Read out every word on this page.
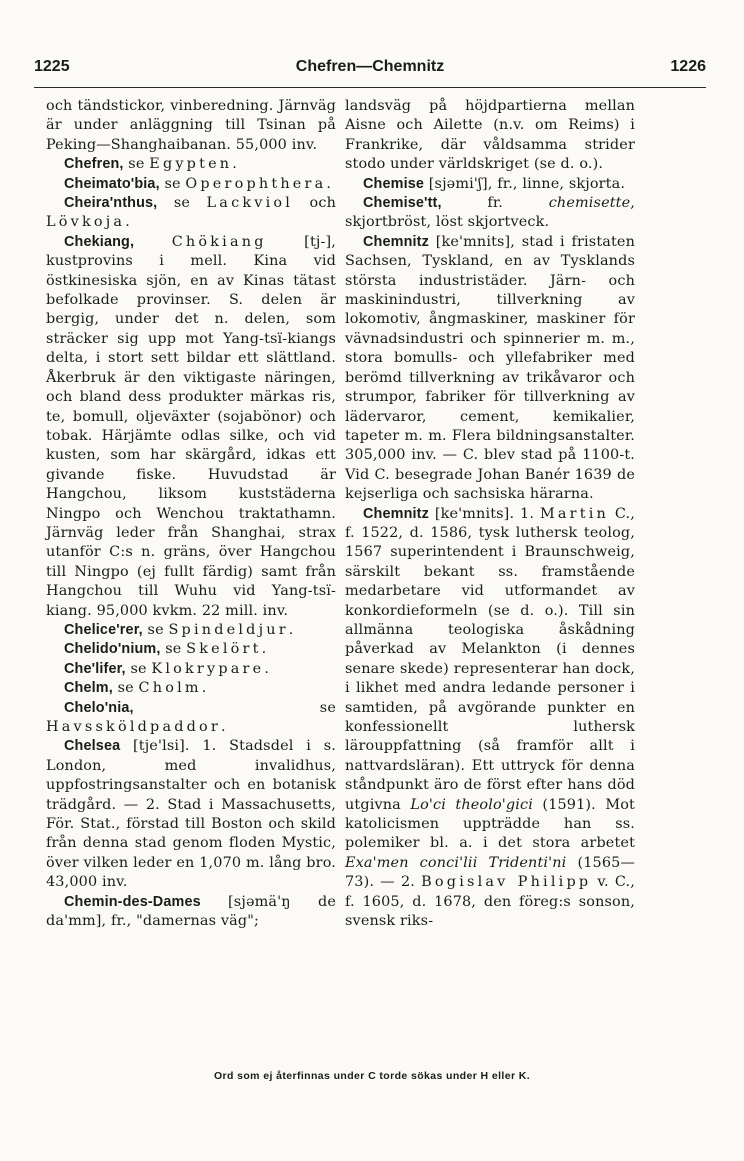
1225	Chefren—Chemnitz	1226

och tändstickor, vinberedning. Järnväg är under anläggning till Tsinan på Peking—Shanghaibanan. 55,000 inv.

Chefren, se Egypten.

Cheimato'bia, se Operophthera.

Cheira'nthus, se Lackviol och Lövkoja.

Chekiang,	Chökiang [tj-], kustprovins i mell. Kina vid östkinesiska sjön, en av Kinas tätast befolkade provinser. S. delen är bergig, under det n. delen, som sträcker sig upp mot Yang-tsï-kiangs delta, i stort sett bildar ett slättland. Åkerbruk är den viktigaste näringen, och bland dess produkter märkas ris, te, bomull, oljeväxter (sojabönor) och tobak. Härjämte odlas silke, och vid kusten, som har skärgård, idkas ett givande fiske. Huvudstad är Hangchou, liksom kuststäderna Ningpo och Wenchou traktathamn. Järnväg leder från Shanghai, strax utanför C:s n. gräns, över Hangchou till Ningpo (ej fullt färdig) samt från Hangchou till Wuhu vid Yang-tsï-kiang. 95,000 kvkm. 22 mill. inv.

Chelice'rer, se Spindeldjur.

Chelido'nium, se Skelört.

Che'lifer, se Klokrypare.

Chelm, se Cholm.

Chelo'nia, se Havssköldpaddor.

Chelsea [tje'lsi]. 1. Stadsdel i s. London, med invalidhus, uppfostringsanstalter och en botanisk trädgård. — 2. Stad i Massachusetts, För. Stat., förstad till Boston och skild från denna stad genom floden Mystic, över vilken leder en 1,070 m. lång bro. 43,000 inv.

Chemin-des-Dames [sjəmä'ŋ de da'mm], fr., "damernas väg";

landsväg på höjdpartierna mellan Aisne och Ailette (n.v. om Reims) i Frankrike, där våldsamma strider stodo under världskriget (se d. o.).

Chemise [sjəmi'ʃ], fr., linne, skjorta.

Chemise'tt, fr. chemisette, skjortbröst, löst skjortveck.

Chemnitz [ke'mnits], stad i fristaten Sachsen, Tyskland, en av Tysklands största industristäder. Järn- och maskinindustri, tillverkning av lokomotiv, ångmaskiner, maskiner för vävnadsindustri och spinnerier m. m., stora bomulls- och yllefabriker med berömd tillverkning av trikåvaror och strumpor, fabriker för tillverkning av lädervaror, cement, kemikalier, tapeter m. m. Flera bildningsanstalter. 305,000 inv. — C. blev stad på 1100-t. Vid C. besegrade Johan Banér 1639 de kejserliga och sachsiska härarna.

Chemnitz [ke'mnits]. 1. Martin C., f. 1522, d. 1586, tysk luthersk teolog, 1567 superintendent i Braunschweig, särskilt bekant ss. framstående medarbetare vid utformandet av konkordieformeln (se d. o.). Till sin allmänna teologiska åskådning påverkad av Melankton (i dennes senare skede) representerar han dock, i likhet med andra ledande personer i samtiden, på avgörande punkter en konfessionellt luthersk lärouppfattning (så framför allt i nattvardsläran). Ett uttryck för denna ståndpunkt äro de först efter hans död utgivna Lo'ci theolo'gici (1591). Mot katolicismen uppträdde han ss. polemiker bl. a. i det stora arbetet Exa'men conci'lii Tridenti'ni (1565—73). — 2. Bogislav Philipp v. C., f. 1605, d. 1678, den föreg:s sonson, svensk riks-

Ord som ej återfinnas under C torde sökas under H eller K.
